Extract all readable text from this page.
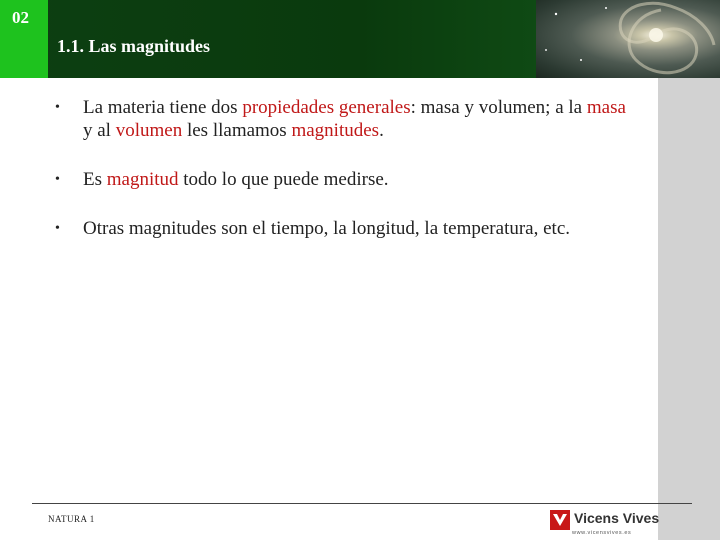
02
1.1. Las magnitudes
• La materia tiene dos propiedades generales: masa y volumen; a la masa y al volumen les llamamos magnitudes.
• Es magnitud todo lo que puede medirse.
• Otras magnitudes son el tiempo, la longitud, la temperatura, etc.
NATURA 1	Vicens Vives
www.vicensvives.es
